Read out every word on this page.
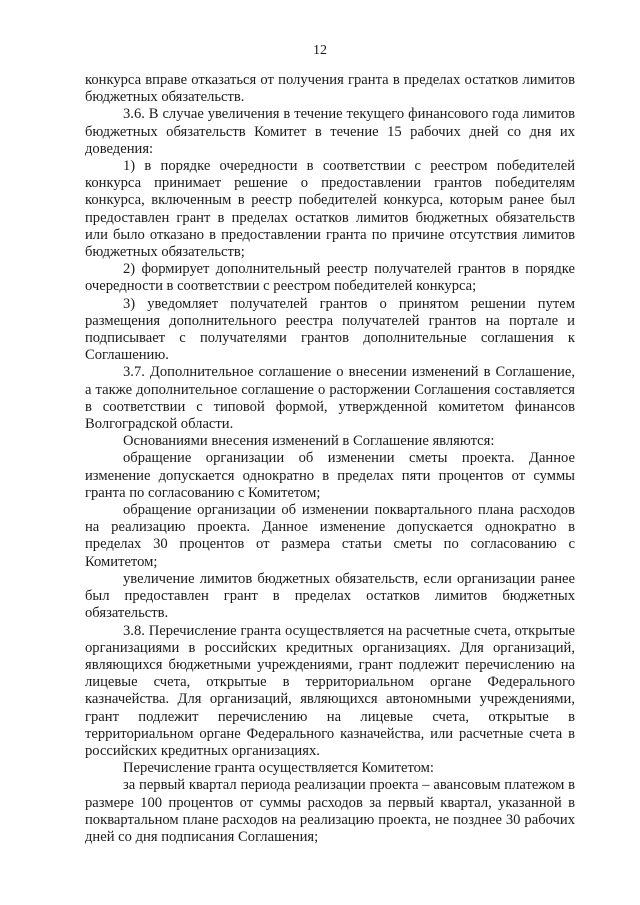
12

конкурса вправе отказаться от получения гранта в пределах остатков лимитов бюджетных обязательств.

3.6. В случае увеличения в течение текущего финансового года лимитов бюджетных обязательств Комитет в течение 15 рабочих дней со дня их доведения:

1) в порядке очередности в соответствии с реестром победителей конкурса принимает решение о предоставлении грантов победителям конкурса, включенным в реестр победителей конкурса, которым ранее был предоставлен грант в пределах остатков лимитов бюджетных обязательств или было отказано в предоставлении гранта по причине отсутствия лимитов бюджетных обязательств;

2) формирует дополнительный реестр получателей грантов в порядке очередности в соответствии с реестром победителей конкурса;

3) уведомляет получателей грантов о принятом решении путем размещения дополнительного реестра получателей грантов на портале и подписывает с получателями грантов дополнительные соглашения к Соглашению.

3.7. Дополнительное соглашение о внесении изменений в Соглашение, а также дополнительное соглашение о расторжении Соглашения составляется в соответствии с типовой формой, утвержденной комитетом финансов Волгоградской области.

Основаниями внесения изменений в Соглашение являются:

обращение организации об изменении сметы проекта. Данное изменение допускается однократно в пределах пяти процентов от суммы гранта по согласованию с Комитетом;

обращение организации об изменении поквартального плана расходов на реализацию проекта. Данное изменение допускается однократно в пределах 30 процентов от размера статьи сметы по согласованию с Комитетом;

увеличение лимитов бюджетных обязательств, если организации ранее был предоставлен грант в пределах остатков лимитов бюджетных обязательств.

3.8. Перечисление гранта осуществляется на расчетные счета, открытые организациями в российских кредитных организациях. Для организаций, являющихся бюджетными учреждениями, грант подлежит перечислению на лицевые счета, открытые в территориальном органе Федерального казначейства. Для организаций, являющихся автономными учреждениями, грант подлежит перечислению на лицевые счета, открытые в территориальном органе Федерального казначейства, или расчетные счета в российских кредитных организациях.

Перечисление гранта осуществляется Комитетом:

за первый квартал периода реализации проекта – авансовым платежом в размере 100 процентов от суммы расходов за первый квартал, указанной в поквартальном плане расходов на реализацию проекта, не позднее 30 рабочих дней со дня подписания Соглашения;
